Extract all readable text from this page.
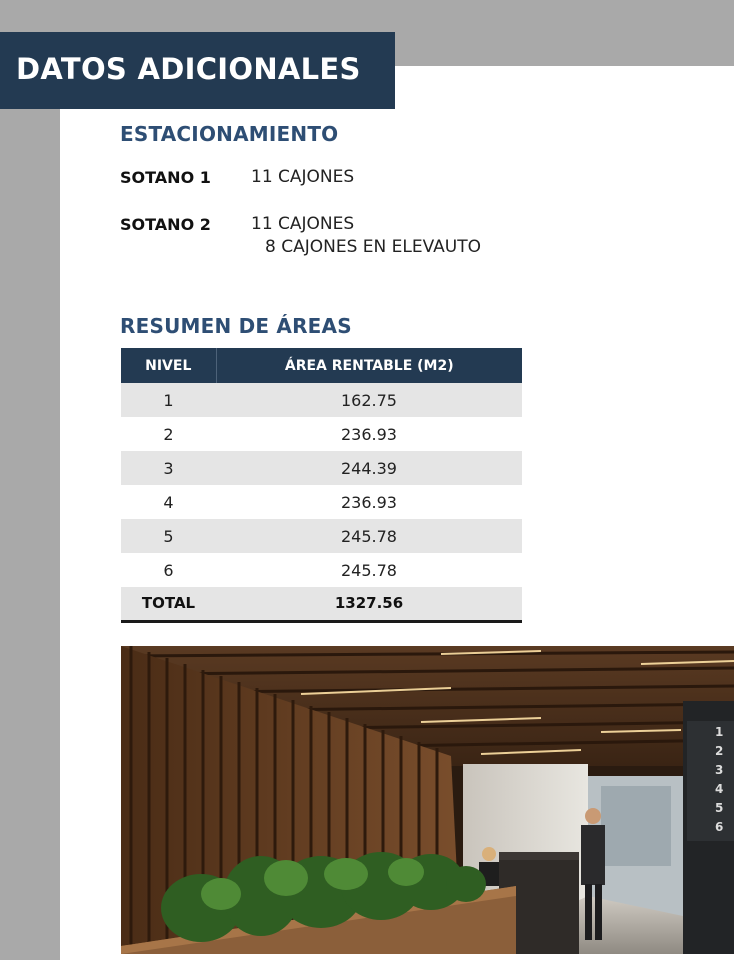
DATOS ADICIONALES
ESTACIONAMIENTO
SOTANO 1 11 CAJONES
SOTANO 2 11 CAJONES
8 CAJONES EN ELEVAUTO
RESUMEN DE ÁREAS
NIVEL	ÁREA RENTABLE (M2)
1	162.75
2	236.93
3	244.39
4	236.93
5	245.78
6	245.78
TOTAL	1327.56
1
2
3
4
5
6
